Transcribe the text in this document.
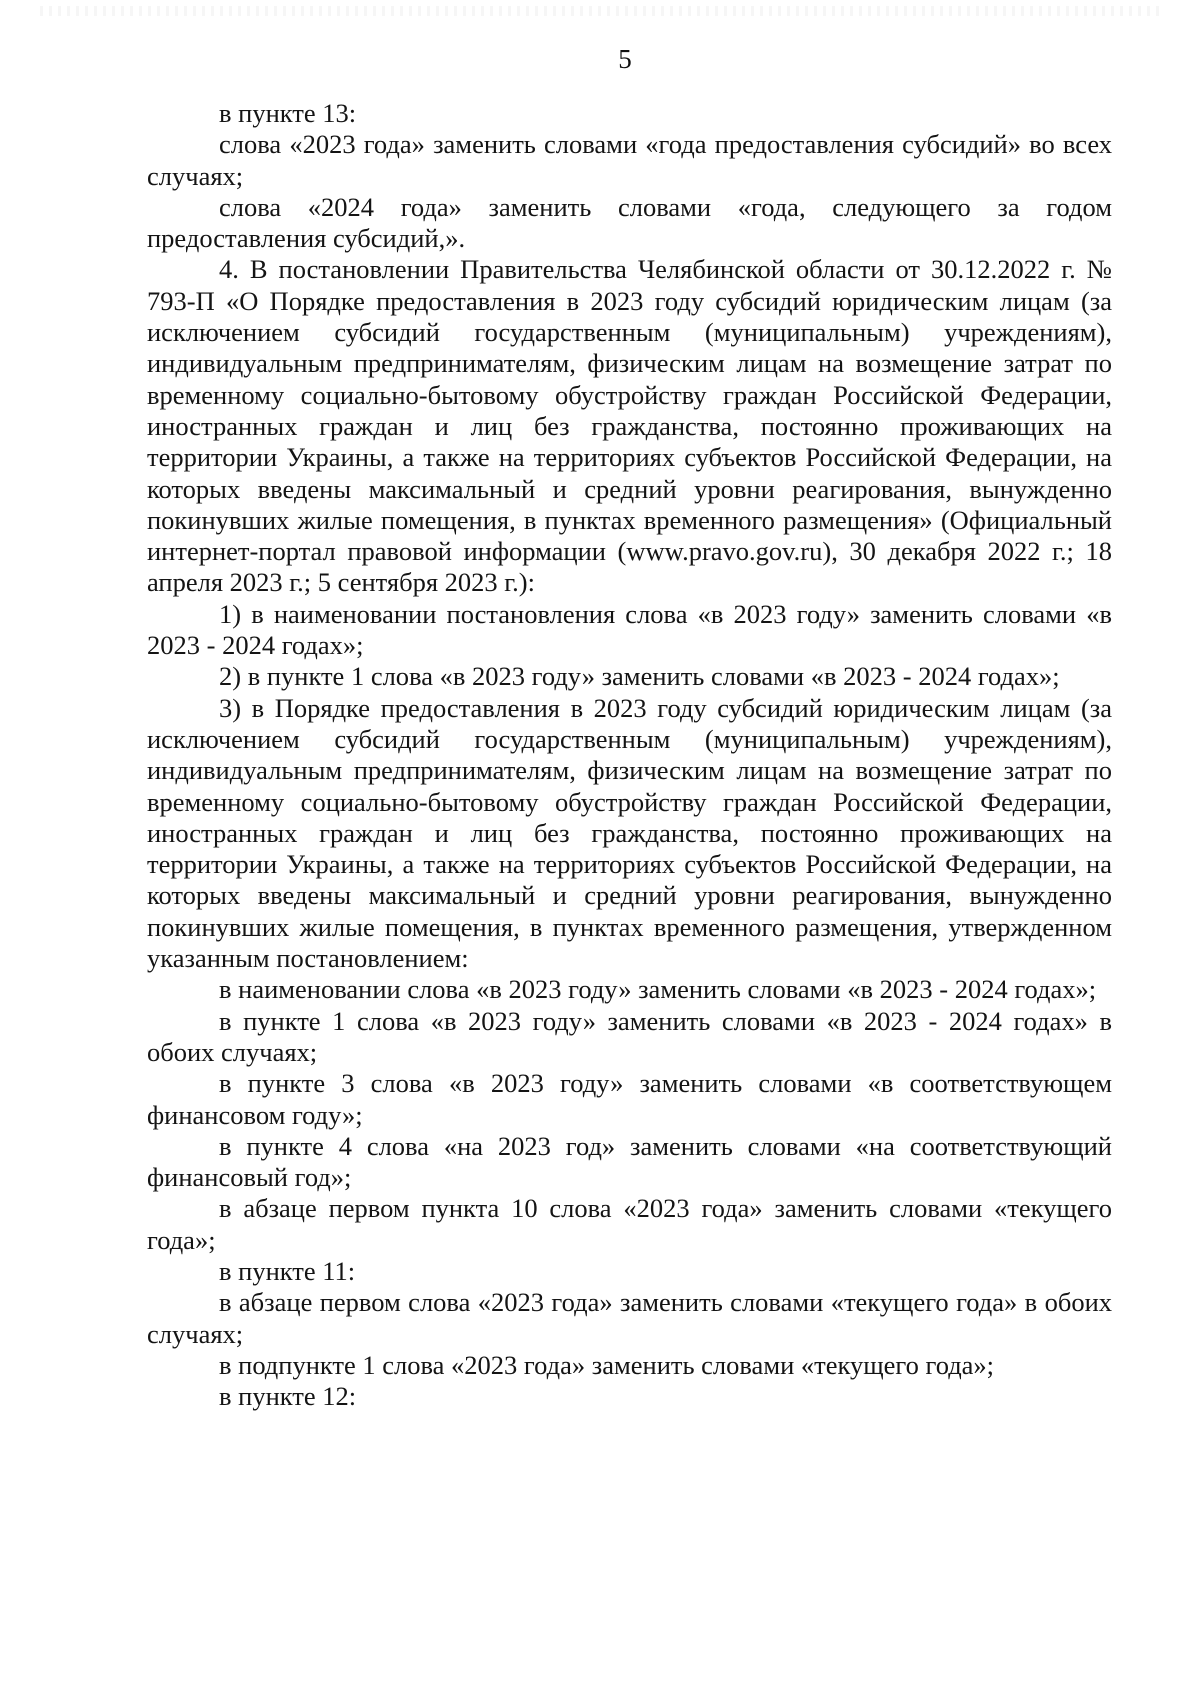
5

в пункте 13:

слова «2023 года» заменить словами «года предоставления субсидий» во всех случаях;

слова «2024 года» заменить словами «года, следующего за годом предоставления субсидий,».

4. В постановлении Правительства Челябинской области от 30.12.2022 г. № 793-П «О Порядке предоставления в 2023 году субсидий юридическим лицам (за исключением субсидий государственным (муниципальным) учреждениям), индивидуальным предпринимателям, физическим лицам на возмещение затрат по временному социально-бытовому обустройству граждан Российской Федерации, иностранных граждан и лиц без гражданства, постоянно проживающих на территории Украины, а также на территориях субъектов Российской Федерации, на которых введены максимальный и средний уровни реагирования, вынужденно покинувших жилые помещения, в пунктах временного размещения» (Официальный интернет-портал правовой информации (www.pravo.gov.ru), 30 декабря 2022 г.; 18 апреля 2023 г.; 5 сентября 2023 г.):

1) в наименовании постановления слова «в 2023 году» заменить словами «в 2023 - 2024 годах»;

2) в пункте 1 слова «в 2023 году» заменить словами «в 2023 - 2024 годах»;

3) в Порядке предоставления в 2023 году субсидий юридическим лицам (за исключением субсидий государственным (муниципальным) учреждениям), индивидуальным предпринимателям, физическим лицам на возмещение затрат по временному социально-бытовому обустройству граждан Российской Федерации, иностранных граждан и лиц без гражданства, постоянно проживающих на территории Украины, а также на территориях субъектов Российской Федерации, на которых введены максимальный и средний уровни реагирования, вынужденно покинувших жилые помещения, в пунктах временного размещения, утвержденном указанным постановлением:

в наименовании слова «в 2023 году» заменить словами «в 2023 - 2024 годах»;

в пункте 1 слова «в 2023 году» заменить словами «в 2023 - 2024 годах» в обоих случаях;

в пункте 3 слова «в 2023 году» заменить словами «в соответствующем финансовом году»;

в пункте 4 слова «на 2023 год» заменить словами «на соответствующий финансовый год»;

в абзаце первом пункта 10 слова «2023 года» заменить словами «текущего года»;

в пункте 11:

в абзаце первом слова «2023 года» заменить словами «текущего года» в обоих случаях;

в подпункте 1 слова «2023 года» заменить словами «текущего года»;

в пункте 12:
